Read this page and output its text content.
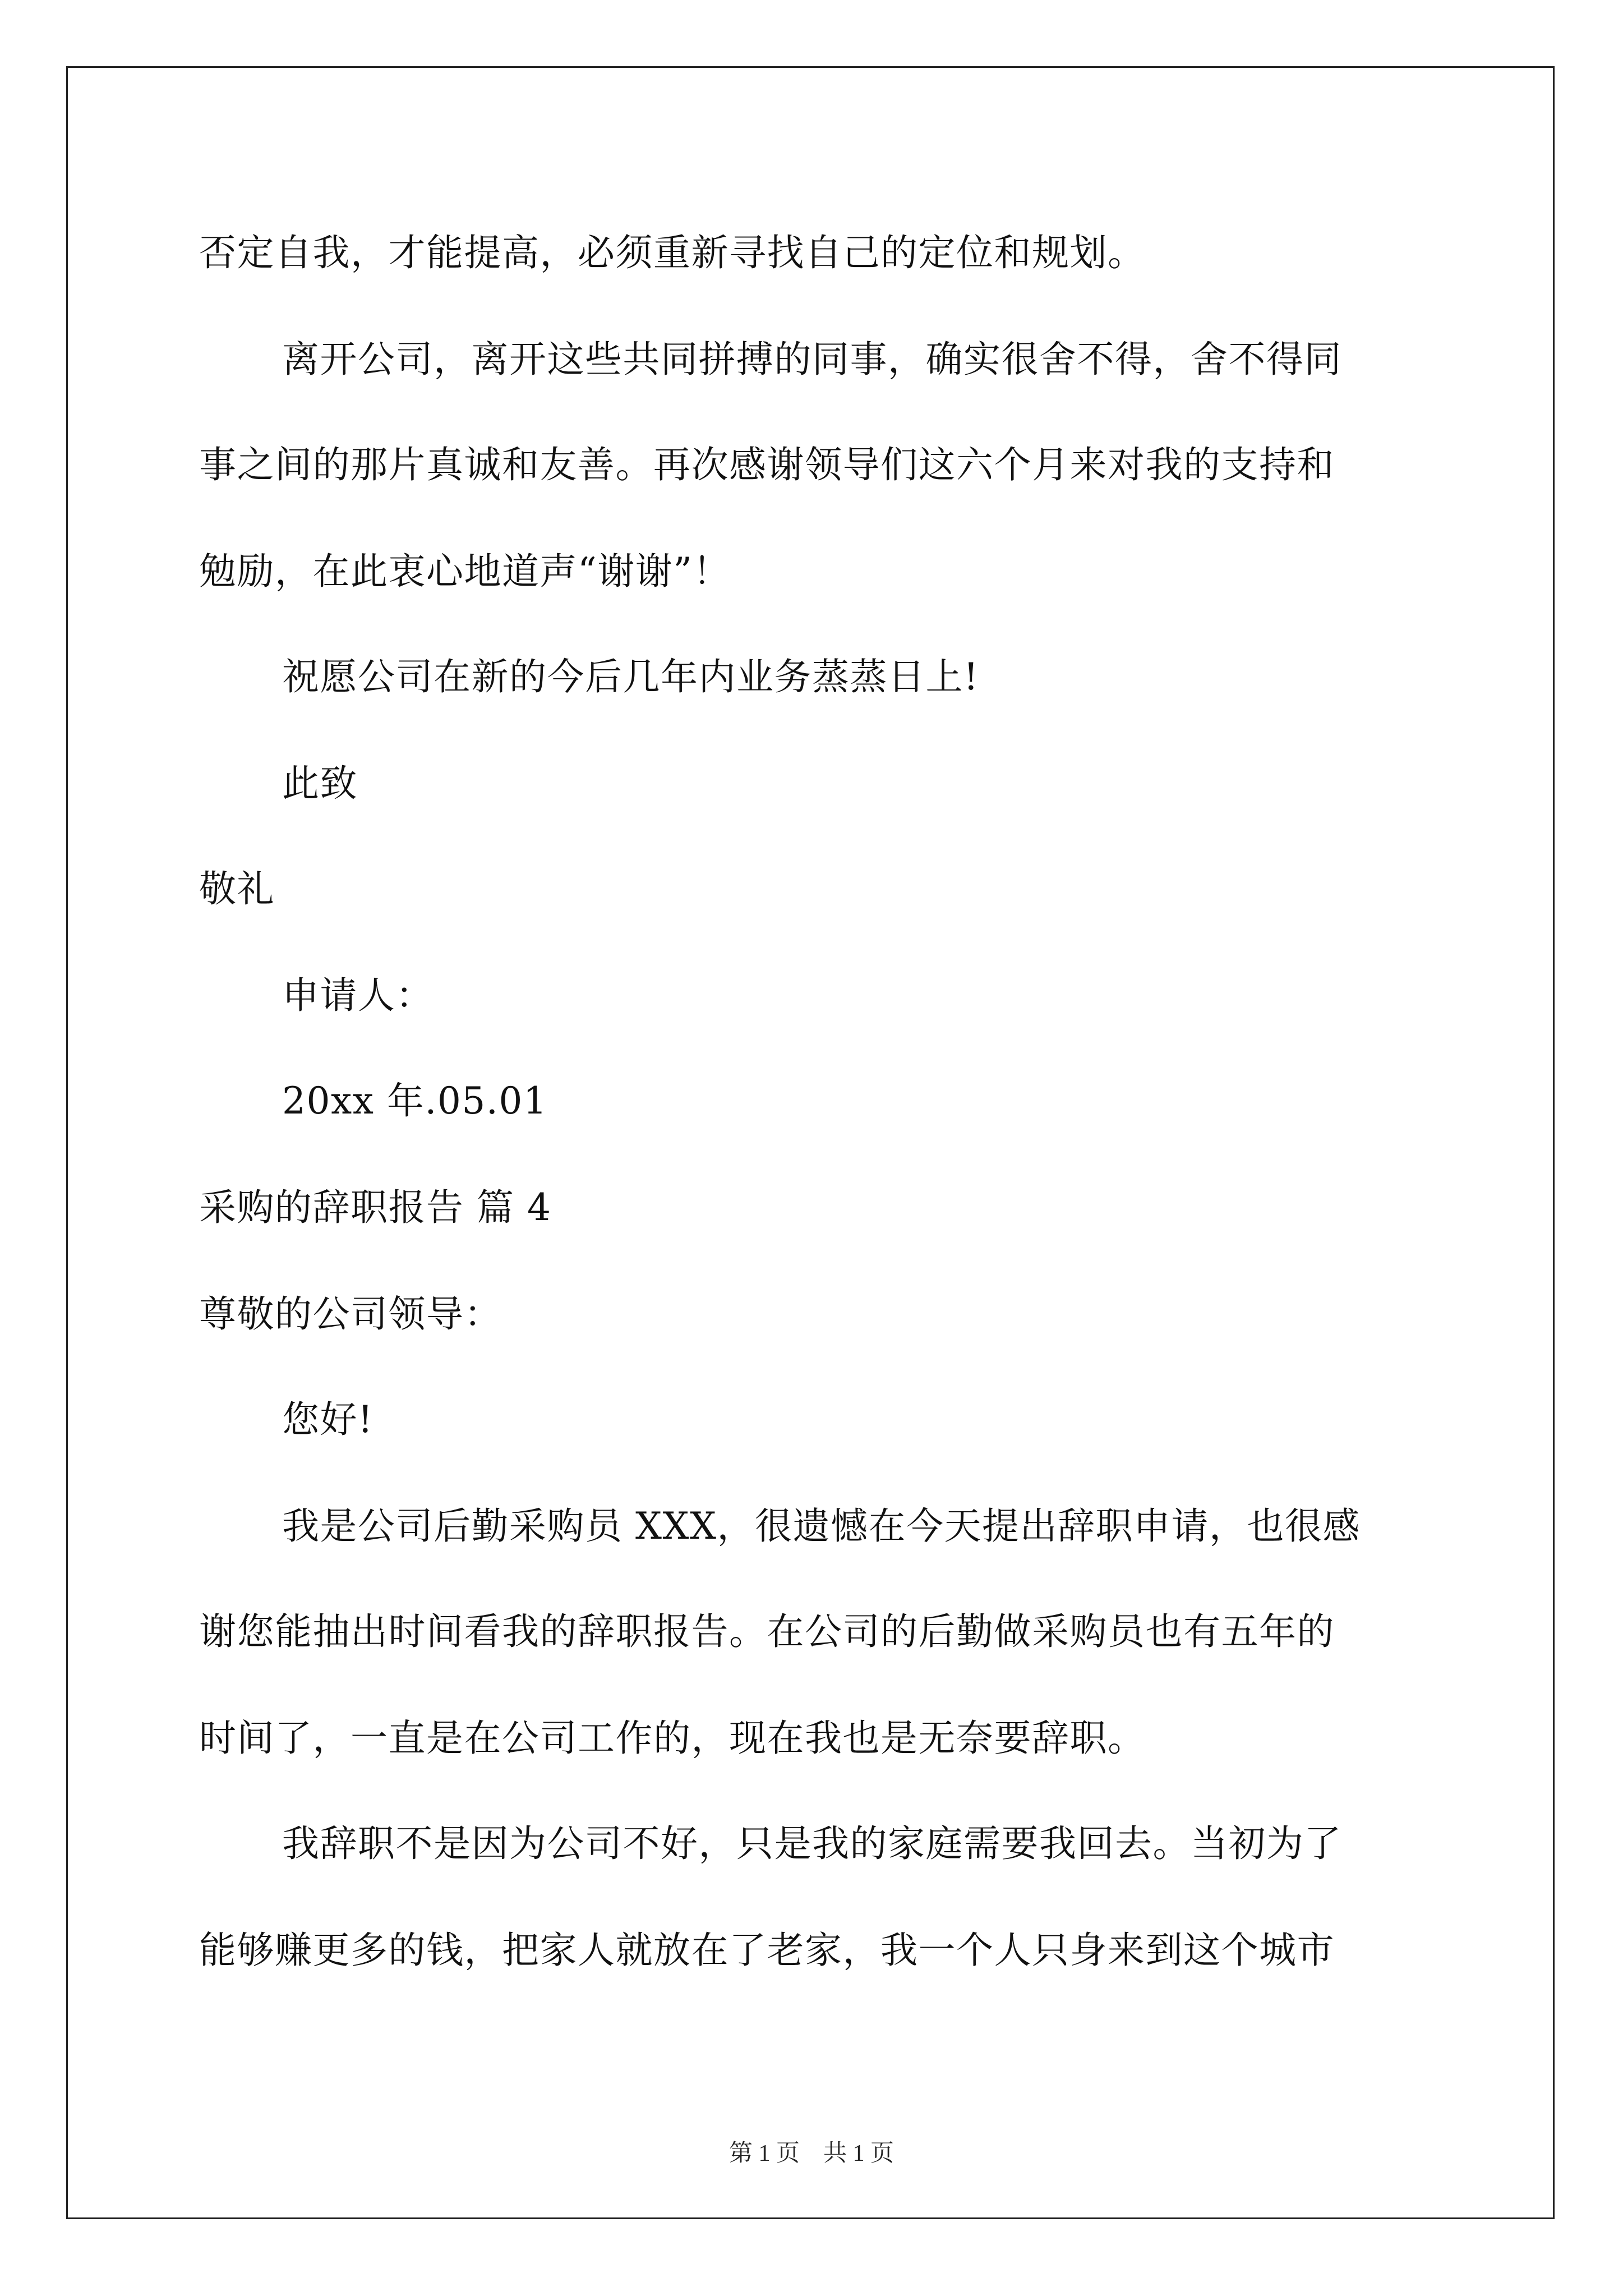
否定自我，才能提高，必须重新寻找自己的定位和规划。
离开公司，离开这些共同拼搏的同事，确实很舍不得，舍不得同
事之间的那片真诚和友善。再次感谢领导们这六个月来对我的支持和
勉励，在此衷心地道声“谢谢”！
祝愿公司在新的今后几年内业务蒸蒸日上!
此致
敬礼
申请人：
20xx 年.05.01
采购的辞职报告 篇 4
尊敬的公司领导：
您好!
我是公司后勤采购员 XXX，很遗憾在今天提出辞职申请，也很感
谢您能抽出时间看我的辞职报告。在公司的后勤做采购员也有五年的
时间了，一直是在公司工作的，现在我也是无奈要辞职。
我辞职不是因为公司不好，只是我的家庭需要我回去。当初为了
能够赚更多的钱，把家人就放在了老家，我一个人只身来到这个城市
第 1 页    共 1 页
